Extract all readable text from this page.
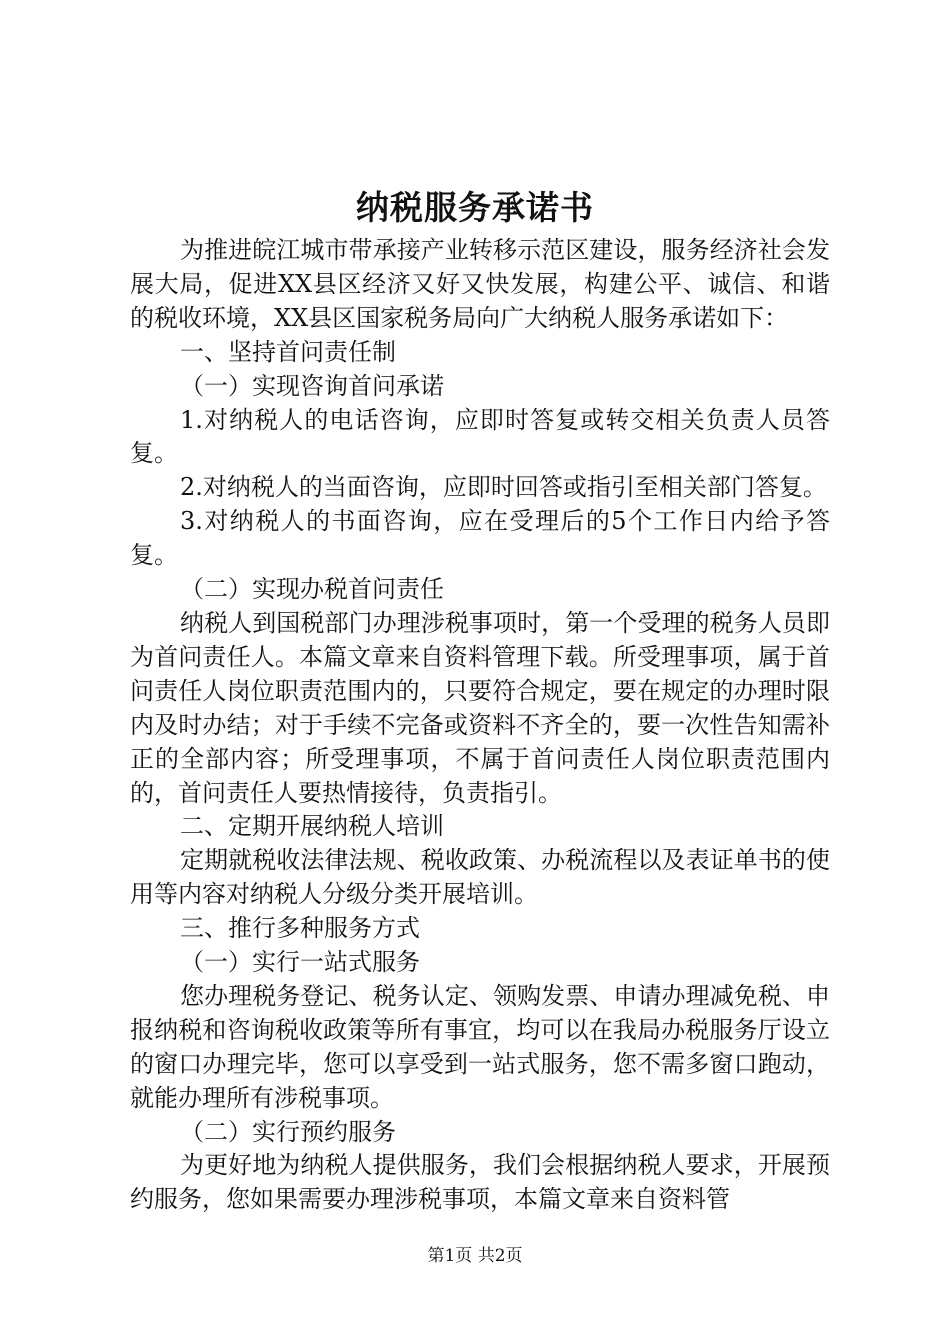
纳税服务承诺书

为推进皖江城市带承接产业转移示范区建设，服务经济社会发展大局，促进XX县区经济又好又快发展，构建公平、诚信、和谐的税收环境，XX县区国家税务局向广大纳税人服务承诺如下：

一、坚持首问责任制

（一）实现咨询首问承诺

1.对纳税人的电话咨询，应即时答复或转交相关负责人员答复。

2.对纳税人的当面咨询，应即时回答或指引至相关部门答复。

3.对纳税人的书面咨询，应在受理后的5个工作日内给予答复。

（二）实现办税首问责任

纳税人到国税部门办理涉税事项时，第一个受理的税务人员即为首问责任人。本篇文章来自资料管理下载。所受理事项，属于首问责任人岗位职责范围内的，只要符合规定，要在规定的办理时限内及时办结；对于手续不完备或资料不齐全的，要一次性告知需补正的全部内容；所受理事项，不属于首问责任人岗位职责范围内的，首问责任人要热情接待，负责指引。

二、定期开展纳税人培训

定期就税收法律法规、税收政策、办税流程以及表证单书的使用等内容对纳税人分级分类开展培训。

三、推行多种服务方式

（一）实行一站式服务

您办理税务登记、税务认定、领购发票、申请办理减免税、申报纳税和咨询税收政策等所有事宜，均可以在我局办税服务厅设立的窗口办理完毕，您可以享受到一站式服务，您不需多窗口跑动，就能办理所有涉税事项。

（二）实行预约服务

为更好地为纳税人提供服务，我们会根据纳税人要求，开展预约服务，您如果需要办理涉税事项，本篇文章来自资料管

第1页 共2页
